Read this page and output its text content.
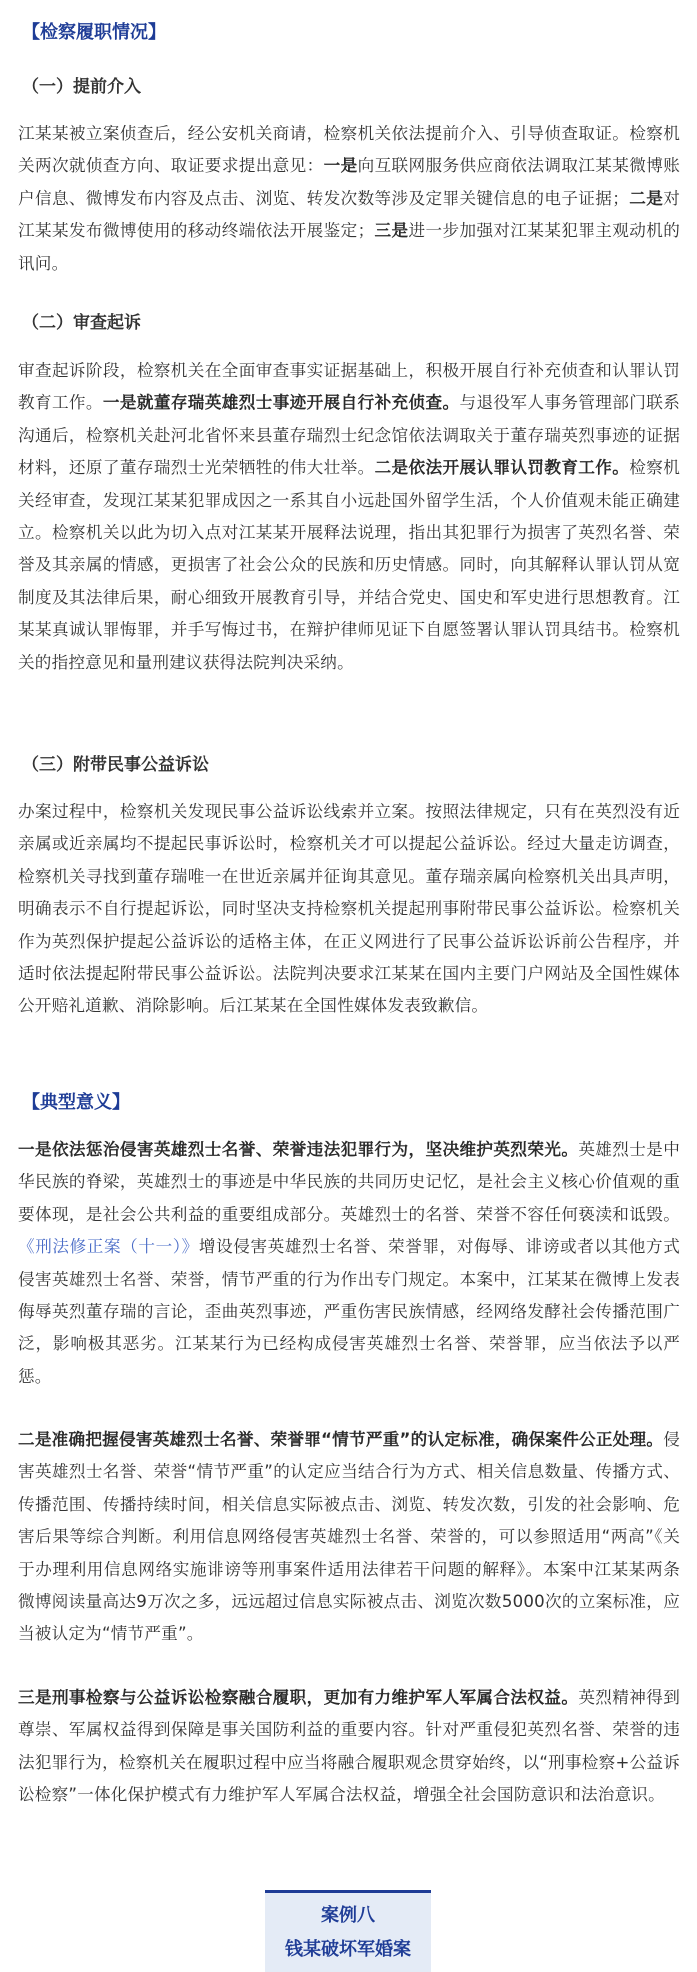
【检察履职情况】
（一）提前介入

江某某被立案侦查后，经公安机关商请，检察机关依法提前介入、引导侦查取证。检察机关两次就侦查方向、取证要求提出意见：一是向互联网服务供应商依法调取江某某微博账户信息、微博发布内容及点击、浏览、转发次数等涉及定罪关键信息的电子证据；二是对江某某发布微博使用的移动终端依法开展鉴定；三是进一步加强对江某某犯罪主观动机的讯问。

（二）审查起诉

审查起诉阶段，检察机关在全面审查事实证据基础上，积极开展自行补充侦查和认罪认罚教育工作。一是就董存瑞英雄烈士事迹开展自行补充侦查。与退役军人事务管理部门联系沟通后，检察机关赴河北省怀来县董存瑞烈士纪念馆依法调取关于董存瑞英烈事迹的证据材料，还原了董存瑞烈士光荣牺牲的伟大壮举。二是依法开展认罪认罚教育工作。检察机关经审查，发现江某某犯罪成因之一系其自小远赴国外留学生活，个人价值观未能正确建立。检察机关以此为切入点对江某某开展释法说理，指出其犯罪行为损害了英烈名誉、荣誉及其亲属的情感，更损害了社会公众的民族和历史情感。同时，向其解释认罪认罚从宽制度及其法律后果，耐心细致开展教育引导，并结合党史、国史和军史进行思想教育。江某某真诚认罪悔罪，并手写悔过书，在辩护律师见证下自愿签署认罪认罚具结书。检察机关的指控意见和量刑建议获得法院判决采纳。

（三）附带民事公益诉讼

办案过程中，检察机关发现民事公益诉讼线索并立案。按照法律规定，只有在英烈没有近亲属或近亲属均不提起民事诉讼时，检察机关才可以提起公益诉讼。经过大量走访调查，检察机关寻找到董存瑞唯一在世近亲属并征询其意见。董存瑞亲属向检察机关出具声明，明确表示不自行提起诉讼，同时坚决支持检察机关提起刑事附带民事公益诉讼。检察机关作为英烈保护提起公益诉讼的适格主体，在正义网进行了民事公益诉讼诉前公告程序，并适时依法提起附带民事公益诉讼。法院判决要求江某某在国内主要门户网站及全国性媒体公开赔礼道歉、消除影响。后江某某在全国性媒体发表致歉信。

【典型意义】

一是依法惩治侵害英雄烈士名誉、荣誉违法犯罪行为，坚决维护英烈荣光。英雄烈士是中华民族的脊梁，英雄烈士的事迹是中华民族的共同历史记忆，是社会主义核心价值观的重要体现，是社会公共利益的重要组成部分。英雄烈士的名誉、荣誉不容任何亵渎和诋毁。《刑法修正案（十一）》增设侵害英雄烈士名誉、荣誉罪，对侮辱、诽谤或者以其他方式侵害英雄烈士名誉、荣誉，情节严重的行为作出专门规定。本案中，江某某在微博上发表侮辱英烈董存瑞的言论，歪曲英烈事迹，严重伤害民族情感，经网络发酵社会传播范围广泛，影响极其恶劣。江某某行为已经构成侵害英雄烈士名誉、荣誉罪，应当依法予以严惩。

二是准确把握侵害英雄烈士名誉、荣誉罪“情节严重”的认定标准，确保案件公正处理。侵害英雄烈士名誉、荣誉“情节严重”的认定应当结合行为方式、相关信息数量、传播方式、传播范围、传播持续时间，相关信息实际被点击、浏览、转发次数，引发的社会影响、危害后果等综合判断。利用信息网络侵害英雄烈士名誉、荣誉的，可以参照适用“两高”《关于办理利用信息网络实施诽谤等刑事案件适用法律若干问题的解释》。本案中江某某两条微博阅读量高达9万次之多，远远超过信息实际被点击、浏览次数5000次的立案标准，应当被认定为“情节严重”。

三是刑事检察与公益诉讼检察融合履职，更加有力维护军人军属合法权益。英烈精神得到尊崇、军属权益得到保障是事关国防利益的重要内容。针对严重侵犯英烈名誉、荣誉的违法犯罪行为，检察机关在履职过程中应当将融合履职观念贯穿始终，以“刑事检察+公益诉讼检察”一体化保护模式有力维护军人军属合法权益，增强全社会国防意识和法治意识。

案例八
钱某破坏军婚案
